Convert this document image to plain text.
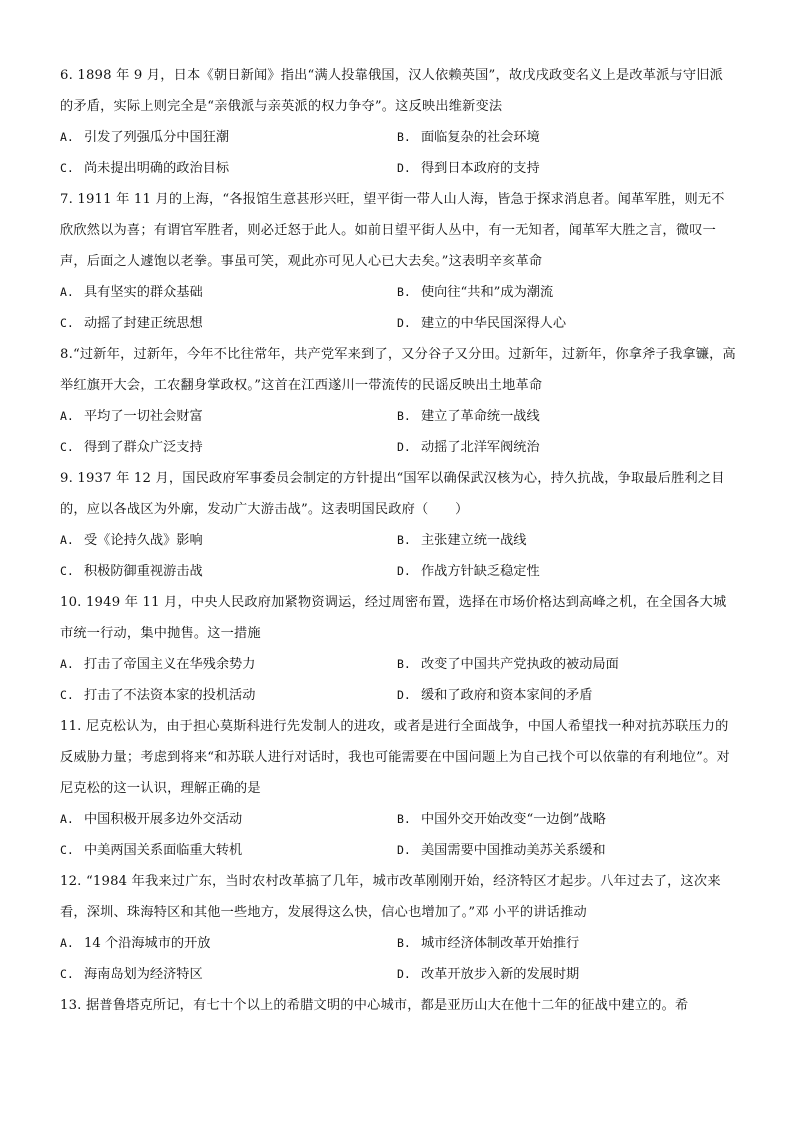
6. 1898 年 9 月，日本《朝日新闻》指出“满人投靠俄国，汉人依赖英国”，故戊戌政变名义上是改革派与守旧派的矛盾，实际上则完全是“亲俄派与亲英派的权力争夺”。这反映出维新变法

A. 引发了列强瓜分中国狂潮	B. 面临复杂的社会环境
C. 尚未提出明确的政治目标	D. 得到日本政府的支持

7. 1911 年 11 月的上海，“各报馆生意甚形兴旺，望平街一带人山人海，皆急于探求消息者。闻革军胜，则无不欣欣然以为喜；有谓官军胜者，则必迁怒于此人。如前日望平街人丛中，有一无知者，闻革军大胜之言，微叹一声，后面之人遽饱以老拳。事虽可笑，观此亦可见人心已大去矣。”这表明辛亥革命

A. 具有坚实的群众基础	B. 使向往“共和”成为潮流
C. 动摇了封建正统思想	D. 建立的中华民国深得人心

8.“过新年，过新年，今年不比往常年，共产党军来到了，又分谷子又分田。过新年，过新年，你拿斧子我拿镰，高举红旗开大会，工农翻身掌政权。”这首在江西遂川一带流传的民谣反映出土地革命

A. 平均了一切社会财富	B. 建立了革命统一战线
C. 得到了群众广泛支持	D. 动摇了北洋军阀统治

9. 1937 年 12 月，国民政府军事委员会制定的方针提出“国军以确保武汉核为心，持久抗战，争取最后胜利之目的，应以各战区为外廓，发动广大游击战”。这表明国民政府（　　）

A. 受《论持久战》影响	B. 主张建立统一战线
C. 积极防御重视游击战	D. 作战方针缺乏稳定性

10. 1949 年 11 月，中央人民政府加紧物资调运，经过周密布置，选择在市场价格达到高峰之机，在全国各大城市统一行动，集中抛售。这一措施

A. 打击了帝国主义在华残余势力	B. 改变了中国共产党执政的被动局面
C. 打击了不法资本家的投机活动	D. 缓和了政府和资本家间的矛盾

11. 尼克松认为，由于担心莫斯科进行先发制人的进攻，或者是进行全面战争，中国人希望找一种对抗苏联压力的反威胁力量；考虑到将来“和苏联人进行对话时，我也可能需要在中国问题上为自己找个可以依靠的有利地位”。对尼克松的这一认识，理解正确的是

A. 中国积极开展多边外交活动	B. 中国外交开始改变“一边倒”战略
C. 中美两国关系面临重大转机	D. 美国需要中国推动美苏关系缓和

12. “1984 年我来过广东，当时农村改革搞了几年，城市改革刚刚开始，经济特区才起步。八年过去了，这次来看，深圳、珠海特区和其他一些地方，发展得这么快，信心也增加了。”邓 小平的讲话推动

A. 14 个沿海城市的开放	B. 城市经济体制改革开始推行
C. 海南岛划为经济特区	D. 改革开放步入新的发展时期

13. 据普鲁塔克所记，有七十个以上的希腊文明的中心城市，都是亚历山大在他十二年的征战中建立的。希
